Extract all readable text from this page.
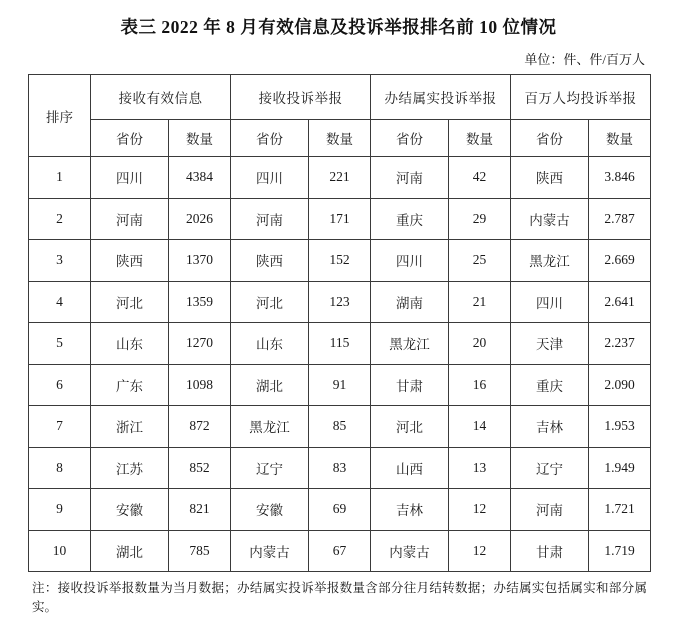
表三 2022 年 8 月有效信息及投诉举报排名前 10 位情况
单位：件、件/百万人
排序	接收有效信息		接收投诉举报		办结属实投诉举报		百万人均投诉举报	
	省份	数量	省份	数量	省份	数量	省份	数量
1	四川	4384	四川	221	河南	42	陕西	3.846
2	河南	2026	河南	171	重庆	29	内蒙古	2.787
3	陕西	1370	陕西	152	四川	25	黑龙江	2.669
4	河北	1359	河北	123	湖南	21	四川	2.641
5	山东	1270	山东	115	黑龙江	20	天津	2.237
6	广东	1098	湖北	91	甘肃	16	重庆	2.090
7	浙江	872	黑龙江	85	河北	14	吉林	1.953
8	江苏	852	辽宁	83	山西	13	辽宁	1.949
9	安徽	821	安徽	69	吉林	12	河南	1.721
10	湖北	785	内蒙古	67	内蒙古	12	甘肃	1.719
注：接收投诉举报数量为当月数据；办结属实投诉举报数量含部分往月结转数据；办结属实包括属实和部分属实。
